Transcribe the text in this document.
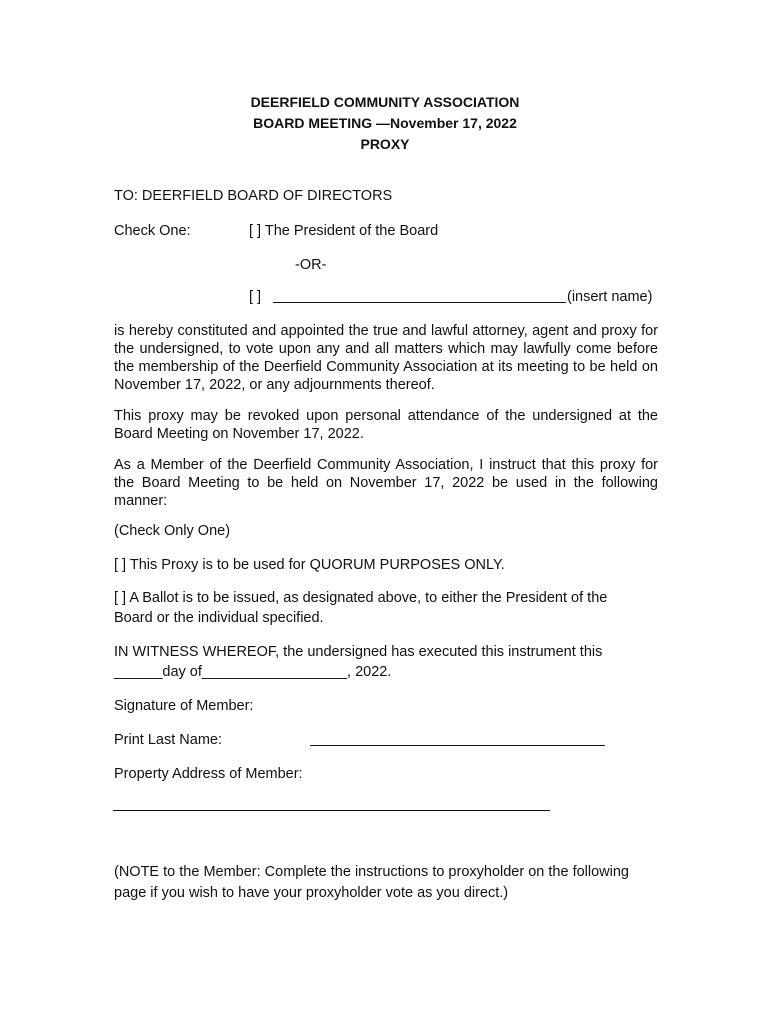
DEERFIELD COMMUNITY ASSOCIATION
BOARD MEETING —November 17, 2022
PROXY
TO: DEERFIELD BOARD OF DIRECTORS
Check One:	[ ] The President of the Board
-OR-
[ ]	(insert name)
is hereby constituted and appointed the true and lawful attorney, agent and proxy for the undersigned, to vote upon any and all matters which may lawfully come before the membership of the Deerfield Community Association at its meeting to be held on November 17, 2022, or any adjournments thereof.
This proxy may be revoked upon personal attendance of the undersigned at the Board Meeting on November 17, 2022.
As a Member of the Deerfield Community Association, I instruct that this proxy for the Board Meeting to be held on November 17, 2022 be used in the following manner:
(Check Only One)
[ ] This Proxy is to be used for QUORUM PURPOSES ONLY.
[ ] A Ballot is to be issued, as designated above, to either the President of the
Board or the individual specified.
IN WITNESS WHEREOF, the undersigned has executed this instrument this
______day of__________________, 2022.
Signature of Member:
Print Last Name:
Property Address of Member:
(NOTE to the Member: Complete the instructions to proxyholder on the following
page if you wish to have your proxyholder vote as you direct.)
